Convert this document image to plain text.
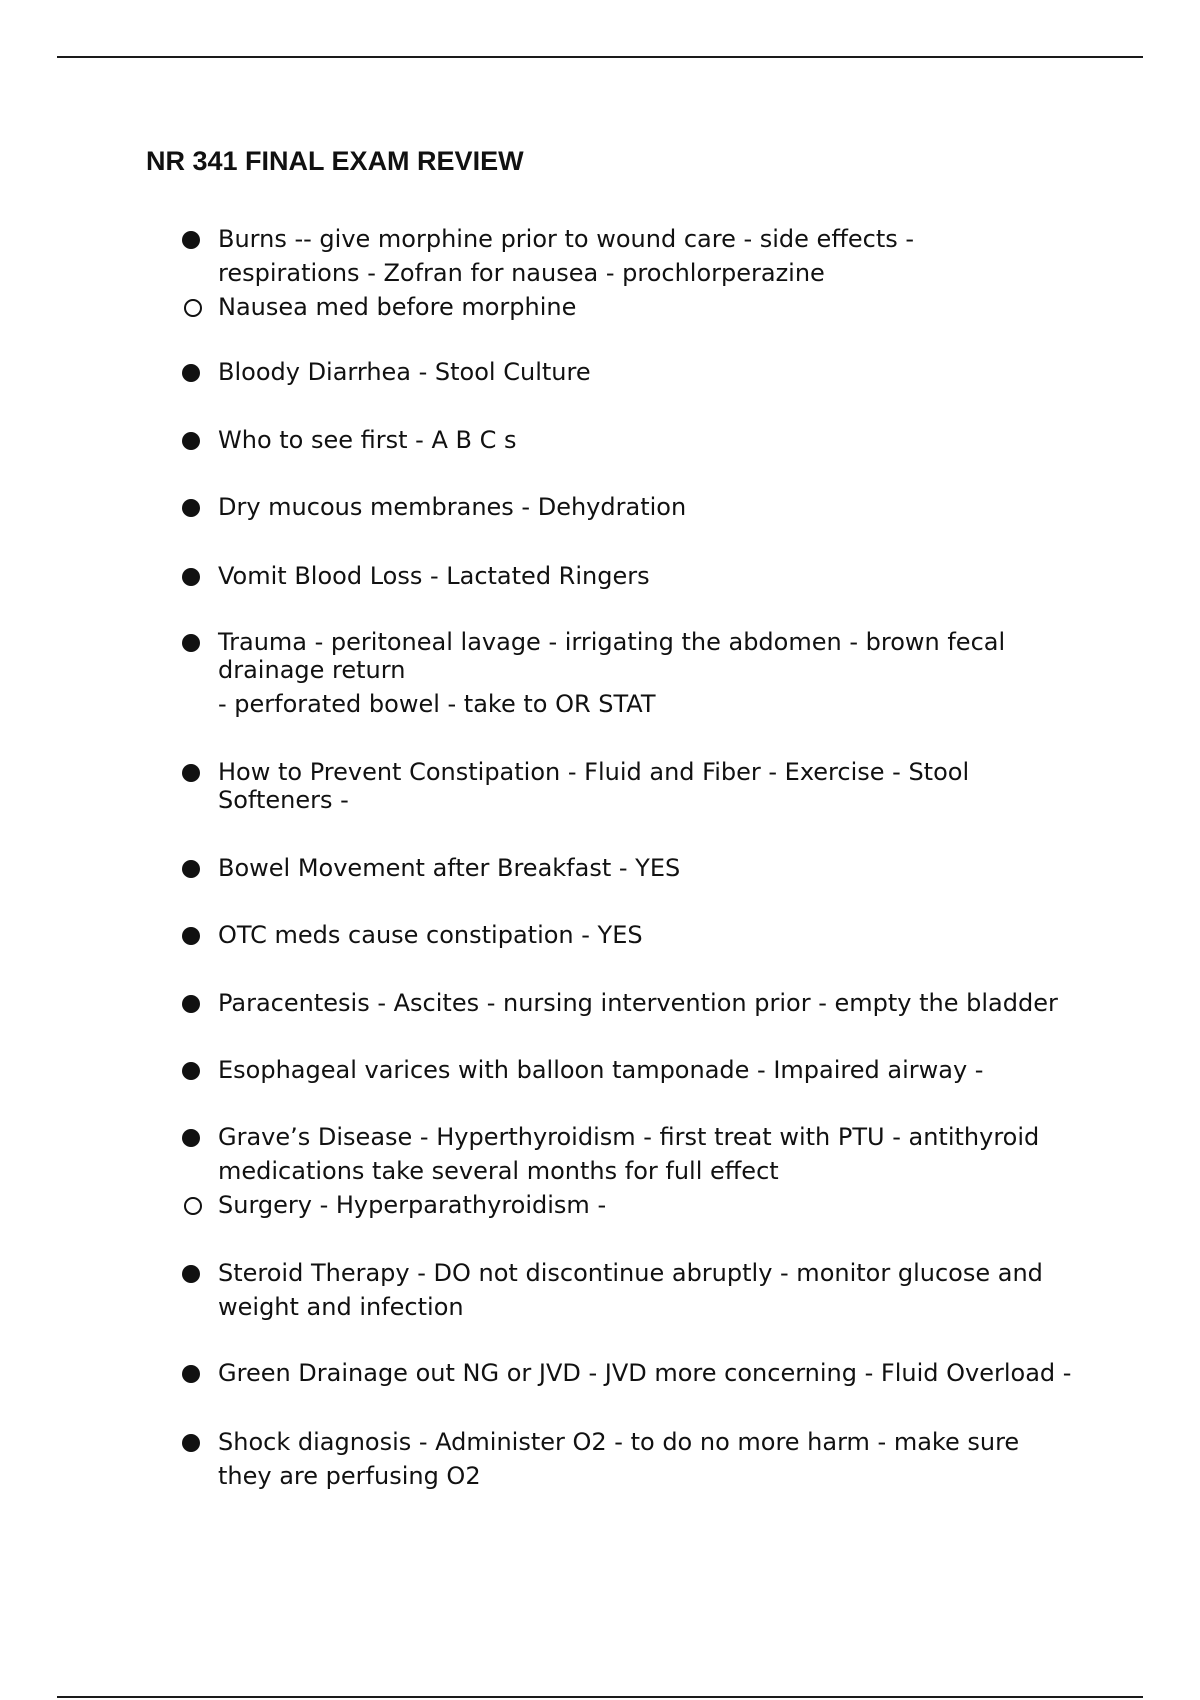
NR 341 FINAL EXAM REVIEW

Burns -- give morphine prior to wound care - side effects -

respirations - Zofran for nausea - prochlorperazine

Nausea med before morphine

Bloody Diarrhea - Stool Culture

Who to see first - A B C s

Dry mucous membranes - Dehydration

Vomit Blood Loss - Lactated Ringers

Trauma - peritoneal lavage - irrigating the abdomen - brown fecal

drainage return

- perforated bowel - take to OR STAT

How to Prevent Constipation - Fluid and Fiber - Exercise - Stool

Softeners -

Bowel Movement after Breakfast - YES

OTC meds cause constipation - YES

Paracentesis - Ascites - nursing intervention prior - empty the bladder

Esophageal varices with balloon tamponade - Impaired airway -

Grave’s Disease - Hyperthyroidism - first treat with PTU - antithyroid

medications take several months for full effect

Surgery - Hyperparathyroidism -

Steroid Therapy - DO not discontinue abruptly - monitor glucose and

weight and infection

Green Drainage out NG or JVD - JVD more concerning - Fluid Overload -

Shock diagnosis - Administer O2 - to do no more harm - make sure

they are perfusing O2
